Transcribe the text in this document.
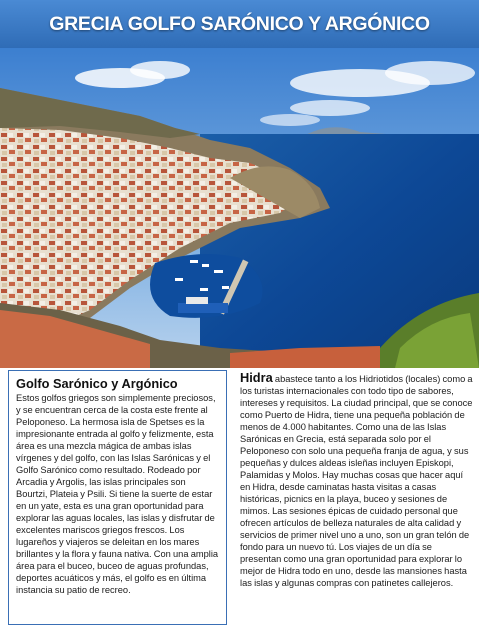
GRECIA GOLFO SARÓNICO Y ARGÓNICO
Golfo Sarónico y Argónico

Estos golfos griegos son simplemente preciosos, y se encuentran cerca de la costa este frente al Peloponeso. La hermosa isla de Spetses es la impresionante entrada al golfo y felizmente, esta área es una mezcla mágica de ambas islas vírgenes y del golfo, con las Islas Sarónicas y el Golfo Sarónico como resultado. Rodeado por Arcadia y Argolis, las islas principales son Bourtzi, Plateia y Psili. Si tiene la suerte de estar en un yate, esta es una gran oportunidad para explorar las aguas locales, las islas y disfrutar de excelentes mariscos griegos frescos. Los lugareños y viajeros se deleitan en los mares brillantes y la flora y fauna nativa. Con una amplia área para el buceo, buceo de aguas profundas, deportes acuáticos y más, el golfo es en última instancia su patio de recreo.

Hidra abastece tanto a los Hidriotidos (locales) como a los turistas internacionales con todo tipo de sabores, intereses y requisitos. La ciudad principal, que se conoce como Puerto de Hidra, tiene una pequeña población de menos de 4.000 habitantes. Como una de las Islas Sarónicas en Grecia, está separada solo por el Peloponeso con solo una pequeña franja de agua, y sus pequeñas y dulces aldeas isleñas incluyen Episkopi, Palamidas y Molos. Hay muchas cosas que hacer aquí en Hidra, desde caminatas hasta visitas a casas históricas, picnics en la playa, buceo y sesiones de mimos. Las sesiones épicas de cuidado personal que ofrecen artículos de belleza naturales de alta calidad y servicios de primer nivel uno a uno, son un gran telón de fondo para un nuevo tú. Los viajes de un día se presentan como una gran oportunidad para explorar lo mejor de Hidra todo en uno, desde las mansiones hasta las islas y algunas compras con patinetes callejeros.
